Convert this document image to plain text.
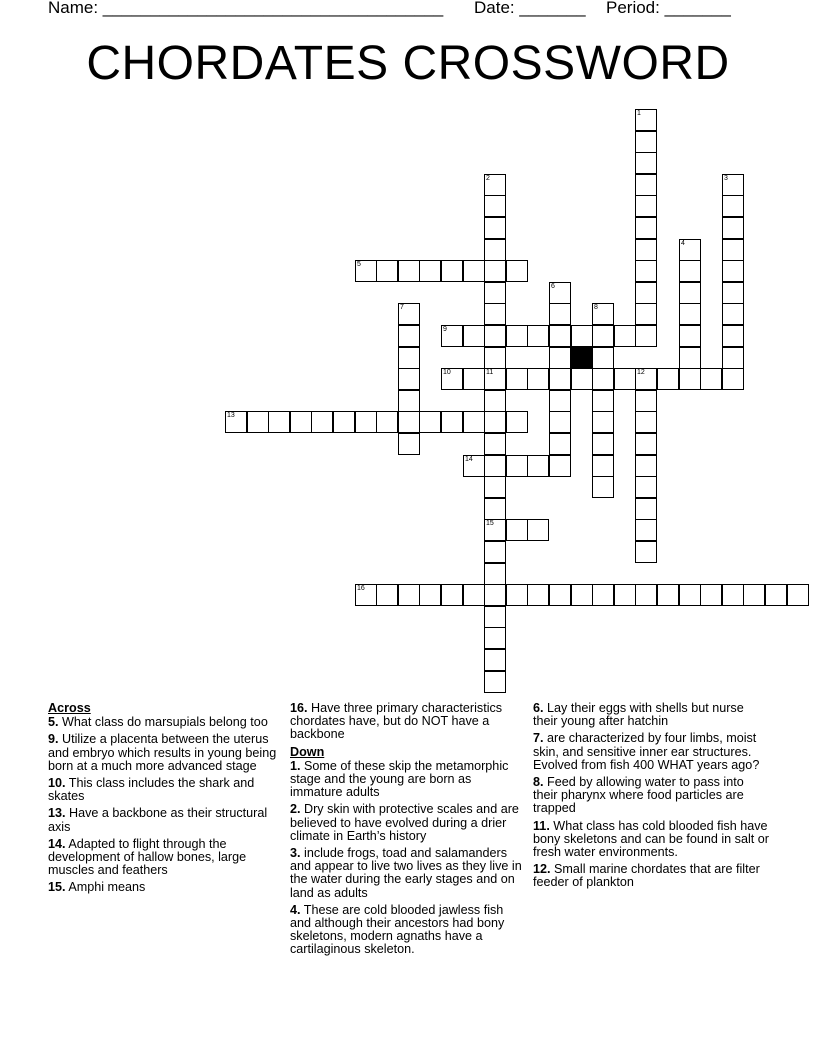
Name: ____________________________________ Date: _______ Period: _______
CHORDATES CROSSWORD
1
2
11
15
3
4
5
6
7	8
9
10	12
13
14
16
Across
5. What class do marsupials belong too
9. Utilize a placenta between the uterus and embryo which results in young being born at a much more advanced stage
10. This class includes the shark and skates
13. Have a backbone as their structural axis
14. Adapted to flight through the development of hallow bones, large muscles and feathers
15. Amphi means
16. Have three primary characteristics chordates have, but do NOT have a backbone
Down
1. Some of these skip the metamorphic stage and the young are born as immature adults
2. Dry skin with protective scales and are believed to have evolved during a drier climate in Earth’s history
3. include frogs, toad and salamanders and appear to live two lives as they live in the water during the early stages and on land as adults
4. These are cold blooded jawless fish and although their ancestors had bony skeletons, modern agnaths have a cartilaginous skeleton.
6. Lay their eggs with shells but nurse their young after hatchin
7. are characterized by four limbs, moist skin, and sensitive inner ear structures. Evolved from fish 400 WHAT years ago?
8. Feed by allowing water to pass into their pharynx where food particles are trapped
11. What class has cold blooded fish have bony skeletons and can be found in salt or fresh water environments.
12. Small marine chordates that are filter feeder of plankton
